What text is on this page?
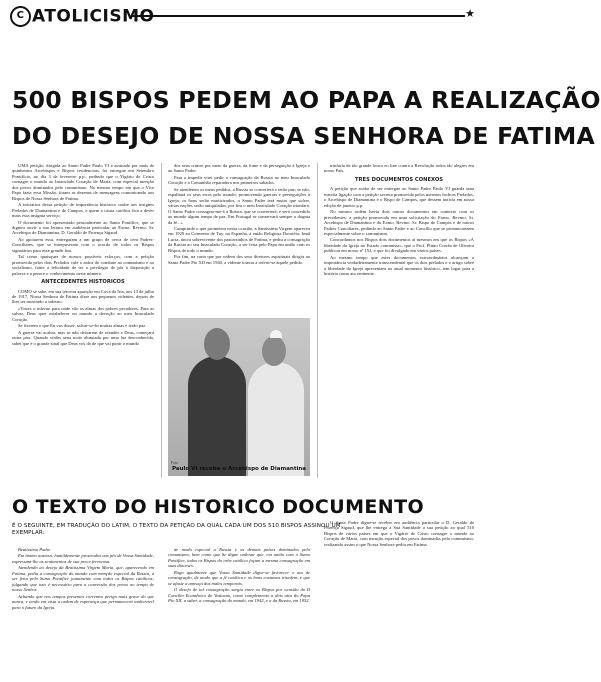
C ATOLICISMO	★
500 BISPOS PEDEM AO PAPA A REALIZAÇÃO
DO DESEJO DE NOSSA SENHORA DE FATIMA

UMA petição, dirigida ao Santo Padre Paulo VI e assinada por mais de quinhentos Arcebispos e Bispos residenciais, foi entregue em Setembro Pontifício, no dia 3 de fevereiro p.p., pedindo que o Vigário de Cristo consagre o mundo ao Imaculado Coração de Maria, com especial menção dos povos dominados pelo comunismo. No mesmo tempo em que o Vice Papa fazia essa Missão, foram as dezenas de mensagens comunicando aos Bispos de Nossa Senhora de Fatima.

A iniciativa dessa petição de importância histórica coube aos insignes Prelados de Diamantina e de Campos, e quem a causa católica fica a dever mais essa insignia serviço.

O documento foi apresentado pessoalmente ao Santo Pontífice, que se dignou ouvir a sua leitura em audiência particular ao Exmo. Revmo. Sr. Arcebispo de Diamantina, D. Geraldo de Proença Sigaud.

Ao apoiarem essa, entregaram a um grupo de cerca de cem Padres-Conciliares, que se interpuseram com o acordo de todos os Bispos signatários para esse grande fim.

Tal como quaisquer de nossos possíveis esforços, com a petição promovida pelos dois Prelados vale o ardor do combate ao comunismo e ao socialismo, fonte a felicidade de ter o privilégio de pôr à disposição a palavra e a pena e o conhecimento neste número.

ANTECEDENTES HISTORICOS

COMO se sabe, em sua terceira aparição em Cova da Iria, aos 13 de julho de 1917, Nossa Senhora de Fatima disse aos pequenos videntes, depois de lhes ter mostrado o inferno:

«Vistes o inferno para onde vão as almas dos pobres pecadores. Para as salvar, Deus quer estabelecer no mundo a devoção ao meu Imaculado Coração.

Se fizerem o que Eu vos disser, salvar-se-ão muitas almas e terão paz.

A guerra vai acabar, mas se não deixarem de ofender a Deus, começará outra pior. Quando virdes uma noite alumiada por uma luz desconhecida, sabei que é o grande sinal que Deus vos dá de que vai punir o mundo

dos seus crimes por meio da guerra, da fome e da perseguição à Igreja e ao Santo Padre.

Para a impedir virei pedir a consagração da Russia ao meu Imaculado Coração e a Comunhão reparadora nos primeiros sabados.

Se atenderem os meus pedidos, a Russia se converterá e terão paz; se não, espalhará os seus erros pelo mundo, promovendo guerras e perseguições à Igreja; os bons serão martirizados, o Santo Padre terá muito que sofrer, várias nações serão aniquiladas; por fim o meu Imaculado Coração triunfará. O Santo Padre consagrar-me-á a Russia, que se converterá, e será concedido ao mundo algum tempo de paz. Em Portugal se conservará sempre o dogma da fé...»

Cumprindo o que prometera nessa ocasião, a Santíssima Virgem apareceu em 1929 ao Convento de Tuy, na Espanha, à então Religiosa Dorotéia, Irmã Lucia, única sobrevivente dos pastorzinhos de Fatima, e pediu a consagração da Russia ao seu Imaculado Coração, a ser feita pelo Papa em união com os Bispos de todo o mundo.

Por fim, na carta que por ordem dos seus diretores espirituais dirigiu ao Santo Padre Pio XII em 1940, a vidente tornou a referir-se àquele pedido.

trinfaria de tão grande louco eo lute contra a Revolução todos tão alegres em nosso País.

TRES DOCUMENTOS CONEXOS

A petição que acabo de ser entregue ao Santo Padre Paulo VI guarda uma estreita ligação com a petição secreta promovida pelos mesmos ínclitos Prelados, o Arcebispo de Diamantina e o Bispo de Campos, que dessem notícia em nossa edição de janeiro p.p.

No mesmo ordem havia dois outros documentos em contexto com os precedentes: a petição promovida em uma solicitação do Exmo. Revmo. Sr. Arcebispo de Diamantina e do Exmo. Revmo. Sr. Bispo de Campos e de outros Padres Conciliares, pedindo ao Santo Padre e ao Concílio que se pronunciassem especialmente sobre o comunismo.

Concordamos nos Bispos dois documentos ai mesmos em que os Bispos «A liberdade da Igreja no Estado comunista», que o Prof. Plinio Corrêa de Oliveira publicou em nosso nº 152, e que foi divulgado em vários países.

Ao mesmo tempo que estes documentos extraordinários alcançam a importância verdadeiramente transcendental que os dois prelados e o artigo sobre a liberdade da Igreja apresentam no atual momento histórico, tem lugar para a história como ato eminente.

Foto
Paulo VI recebe o Arcebispo de Diamantina
O TEXTO DO HISTORICO DOCUMENTO
É O SEGUINTE, EM TRADUÇÃO DO LATIM, O TEXTO DA PETIÇÃO DA QUAL CADA UM DOS 510 BISPOS ASSINOU UM EXEMPLAR:

Beatíssimo Padre

Em ânimo ansioso, humildemente prostrados aos pés de Vossa Santidade, expressam-lhe os sentimentos de sua prece fervorosa.

Atendendo ao desejo da Beatíssima Virgem Maria, que, aparecendo em Fatima, pediu a consagração do mundo com menção especial da Russia, a ser feita pelo Sumo Pontífice juntamente com todos os Bispos católicos; julgando que isso é necessário para a conversão dos povos ao tempo de nosso Senhor.

Achando que nos tempos presentes corremos perigo mais grave do que nunca, e tendo em vista a ordem de esperança que permanecerá inalterável para o futuro da Igreja.

de modo especial a Russia e os demais países dominados pelo comunismo, bem como que Se digne ordenar que, em união com o Sumo Pontífice, todos os Bispos do orbe católico façam a mesma consagração em suas dioceses.

Rogo igualmente que Vossa Santidade digne-se favorecer o ato de consagração, de modo que a fé católica e os bons costumes triunfem, e que se afaste a ameaça dos males temporais.

O desejo de tal consagração surgiu entre os Bispos por ocasião do II Concílio Ecumênico do Vaticano, como complemento a dois atos do Papa Pio XII, a saber, a consagração do mundo, em 1942, e a da Russia, em 1952.

O Santo Padre digne-se receber em audiência particular o D. Geraldo de Proença Sigaud, que lhe entrega a Sua Santidade a sua petição ao qual 510 Bispos de vários países em que o Vigário de Cristo consagre o mundo ao Coração de Maria, com menção especial dos povos dominados pelo comunismo, realizando assim o que Nossa Senhora pediu em Fatima.
